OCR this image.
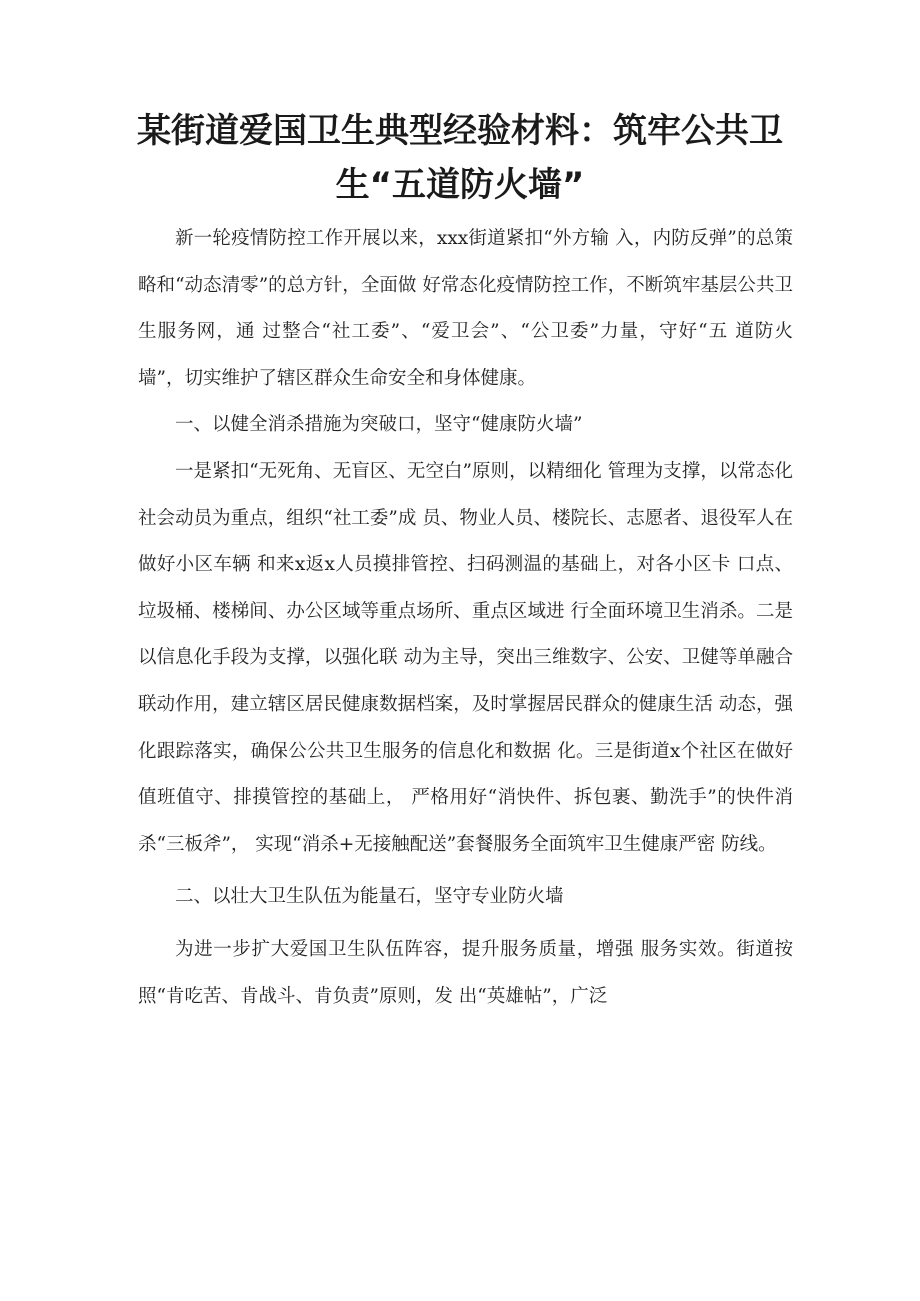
某街道爱国卫生典型经验材料：筑牢公共卫生“五道防火墙”

新一轮疫情防控工作开展以来，xxx街道紧扣“外方输 入，内防反弹”的总策略和“动态清零”的总方针，全面做 好常态化疫情防控工作，不断筑牢基层公共卫生服务网，通 过整合“社工委”、“爱卫会”、“公卫委”力量，守好“五 道防火墙”，切实维护了辖区群众生命安全和身体健康。

一、以健全消杀措施为突破口，坚守“健康防火墙”

一是紧扣“无死角、无盲区、无空白”原则，以精细化 管理为支撑，以常态化社会动员为重点，组织“社工委”成 员、物业人员、楼院长、志愿者、退役军人在做好小区车辆 和来x返x人员摸排管控、扫码测温的基础上，对各小区卡 口点、垃圾桶、楼梯间、办公区域等重点场所、重点区域进 行全面环境卫生消杀。二是以信息化手段为支撑，以强化联 动为主导，突出三维数字、公安、卫健等单融合联动作用，建立辖区居民健康数据档案，及时掌握居民群众的健康生活 动态，强化跟踪落实，确保公公共卫生服务的信息化和数据 化。三是街道x个社区在做好值班值守、排摸管控的基础上， 严格用好“消快件、拆包裹、勤洗手”的快件消杀“三板斧”， 实现“消杀+无接触配送”套餐服务全面筑牢卫生健康严密 防线。

二、以壮大卫生队伍为能量石，坚守专业防火墙

为进一步扩大爱国卫生队伍阵容，提升服务质量，增强 服务实效。街道按照“肯吃苦、肯战斗、肯负责”原则，发 出“英雄帖”，广泛
